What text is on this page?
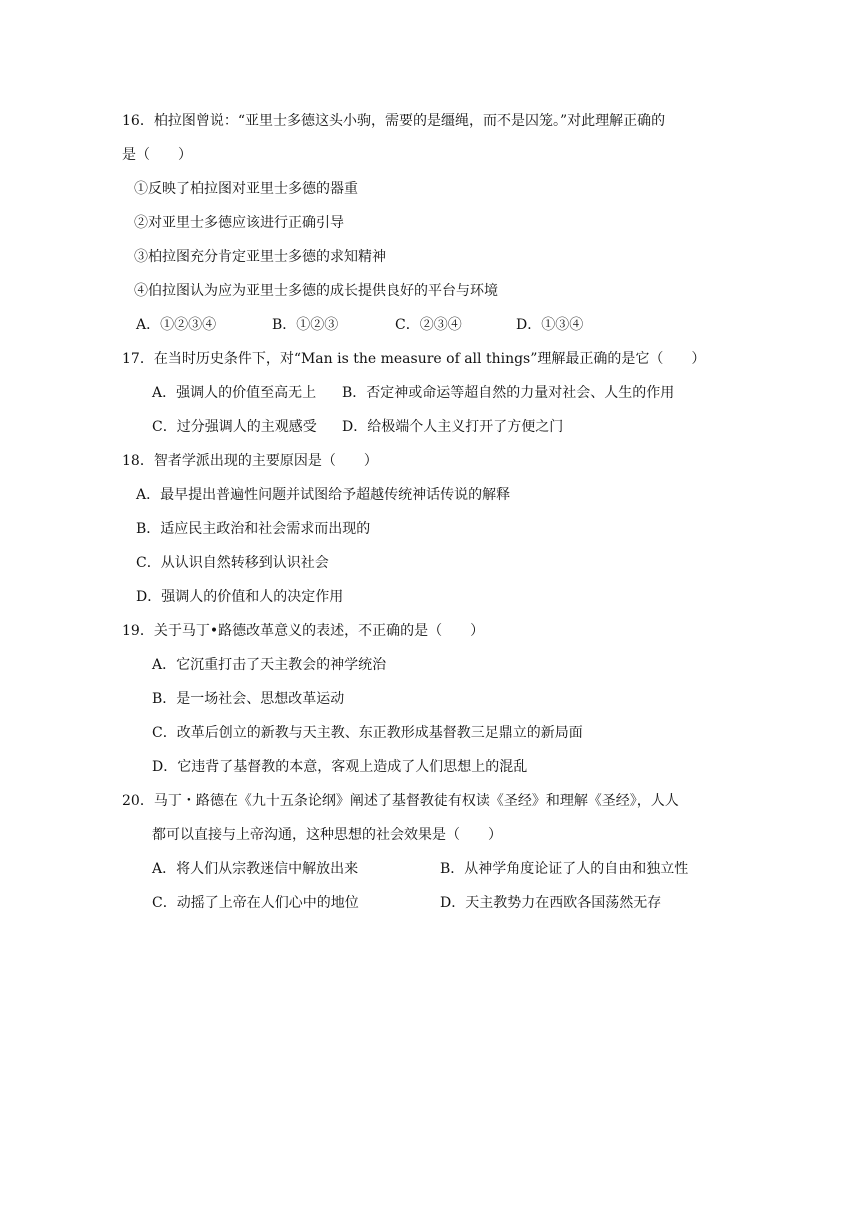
16．柏拉图曾说：“亚里士多德这头小驹，需要的是缰绳，而不是囚笼。”对此理解正确的
是（　　）
①反映了柏拉图对亚里士多德的器重
②对亚里士多德应该进行正确引导
③柏拉图充分肯定亚里士多德的求知精神
④伯拉图认为应为亚里士多德的成长提供良好的平台与环境
A．①②③④	B．①②③	C．②③④	D．①③④
17．在当时历史条件下，对“Man is the measure of all things”理解最正确的是它（　　）
A．强调人的价值至高无上 B．否定神或命运等超自然的力量对社会、人生的作用
C．过分强调人的主观感受 D．给极端个人主义打开了方便之门
18．智者学派出现的主要原因是（　　）
A．最早提出普遍性问题并试图给予超越传统神话传说的解释
B．适应民主政治和社会需求而出现的
C．从认识自然转移到认识社会
D．强调人的价值和人的决定作用
19．关于马丁•路德改革意义的表述，不正确的是（　　）
A．它沉重打击了天主教会的神学统治
B．是一场社会、思想改革运动
C．改革后创立的新教与天主教、东正教形成基督教三足鼎立的新局面
D．它违背了基督教的本意，客观上造成了人们思想上的混乱
20．马丁・路德在《九十五条论纲》阐述了基督教徒有权读《圣经》和理解《圣经》，人人
都可以直接与上帝沟通，这种思想的社会效果是（　　）
A．将人们从宗教迷信中解放出来	B．从神学角度论证了人的自由和独立性
C．动摇了上帝在人们心中的地位	D．天主教势力在西欧各国荡然无存
